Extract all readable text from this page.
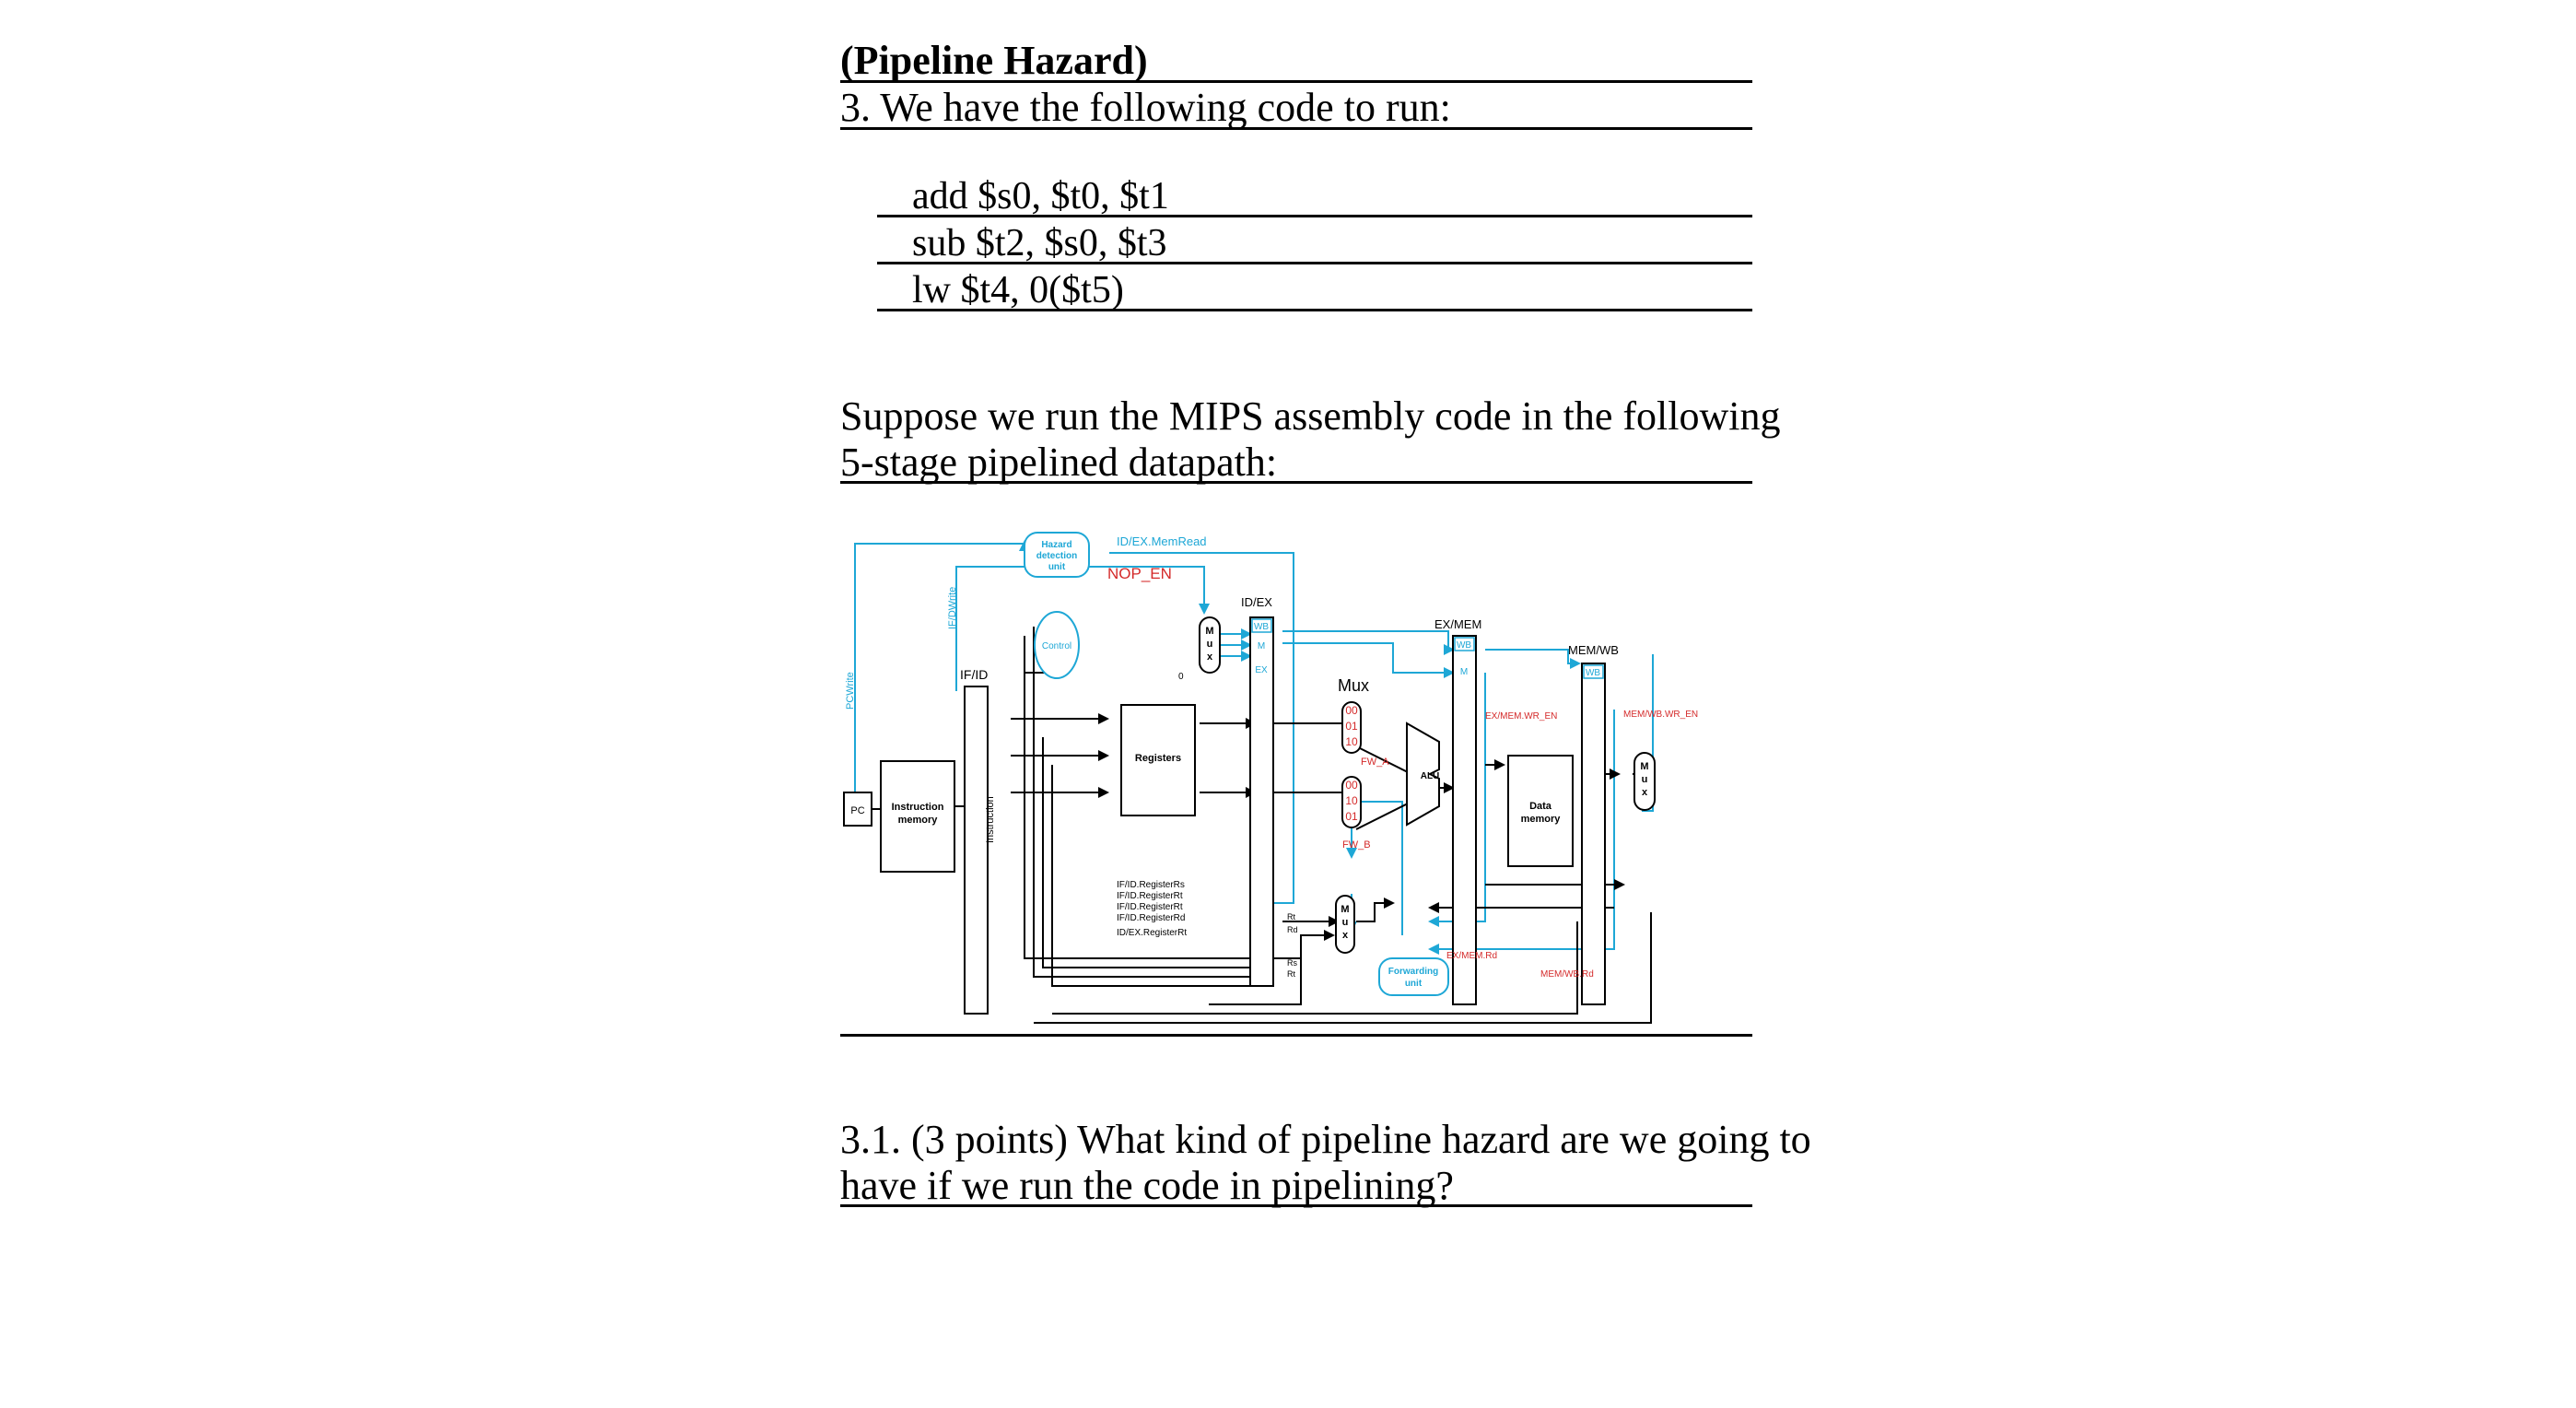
(Pipeline Hazard)
3. We have the following code to run:
add $s0, $t0, $t1
sub $t2, $s0, $t3
lw $t4, 0($t5)
Suppose we run the MIPS assembly code in the following
5-stage pipelined datapath:
Hazard
detection
unit
ID/EX.MemRead
NOP_EN
IF/DWrite
PCWrite
Control
M
u
x
0
ID/EX
WB
M
EX
IF/ID
Instruction
PC	Instruction
memory
Registers
IF/ID.RegisterRs
IF/ID.RegisterRt
IF/ID.RegisterRt
IF/ID.RegisterRd
ID/EX.RegisterRt
Mux
00
01
10
FW_A
00
10
01
FW_B
ALU
EX/MEM
WB
M
EX/MEM.WR_EN
Data
memory
MEM/WB
WB
MEM/WB.WR_EN
M
u
x
Rt
Rd
M
u
x
Rs
Rt	Forwarding
unit
EX/MEM.Rd
MEM/WB.Rd
3.1. (3 points) What kind of pipeline hazard are we going to
have if we run the code in pipelining?
